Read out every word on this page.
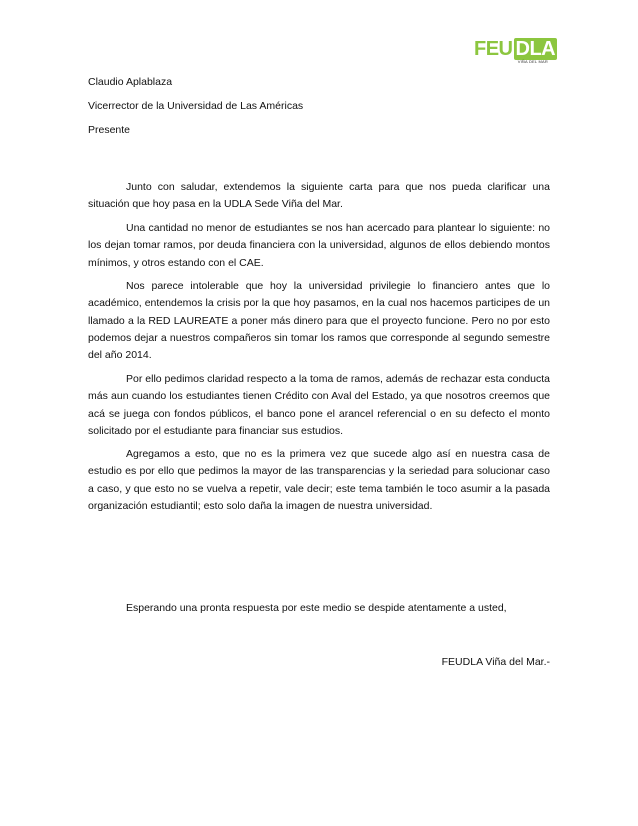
FEU DLA
VIÑA DEL MAR
Claudio Aplablaza
Vicerrector de la Universidad de Las Américas
Presente
Junto con saludar, extendemos la siguiente carta para que nos pueda clarificar una situación que hoy pasa en la UDLA Sede Viña del Mar.
Una cantidad no menor de estudiantes se nos han acercado para plantear lo siguiente: no los dejan tomar ramos, por deuda financiera con la universidad, algunos de ellos debiendo montos mínimos, y otros estando con el CAE.
Nos parece intolerable que hoy la universidad privilegie lo financiero antes que lo académico, entendemos la crisis por la que hoy pasamos, en la cual nos hacemos participes de un llamado a la RED LAUREATE a poner más dinero para que el proyecto funcione. Pero no por esto podemos dejar a nuestros compañeros sin tomar los ramos que corresponde al segundo semestre del año 2014.
Por ello pedimos claridad respecto a la toma de ramos, además de rechazar esta conducta más aun cuando los estudiantes tienen Crédito con Aval del Estado, ya que nosotros creemos que acá se juega con fondos públicos, el banco pone el arancel referencial o en su defecto el monto solicitado por el estudiante para financiar sus estudios.
Agregamos a esto, que no es la primera vez que sucede algo así en nuestra casa de estudio es por ello que pedimos la mayor de las transparencias y la seriedad para solucionar caso a caso, y que esto no se vuelva a repetir, vale decir; este tema también le toco asumir a la pasada organización estudiantil; esto solo daña la imagen de nuestra universidad.
Esperando una pronta respuesta por este medio se despide atentamente a usted,
FEUDLA Viña del Mar.-
